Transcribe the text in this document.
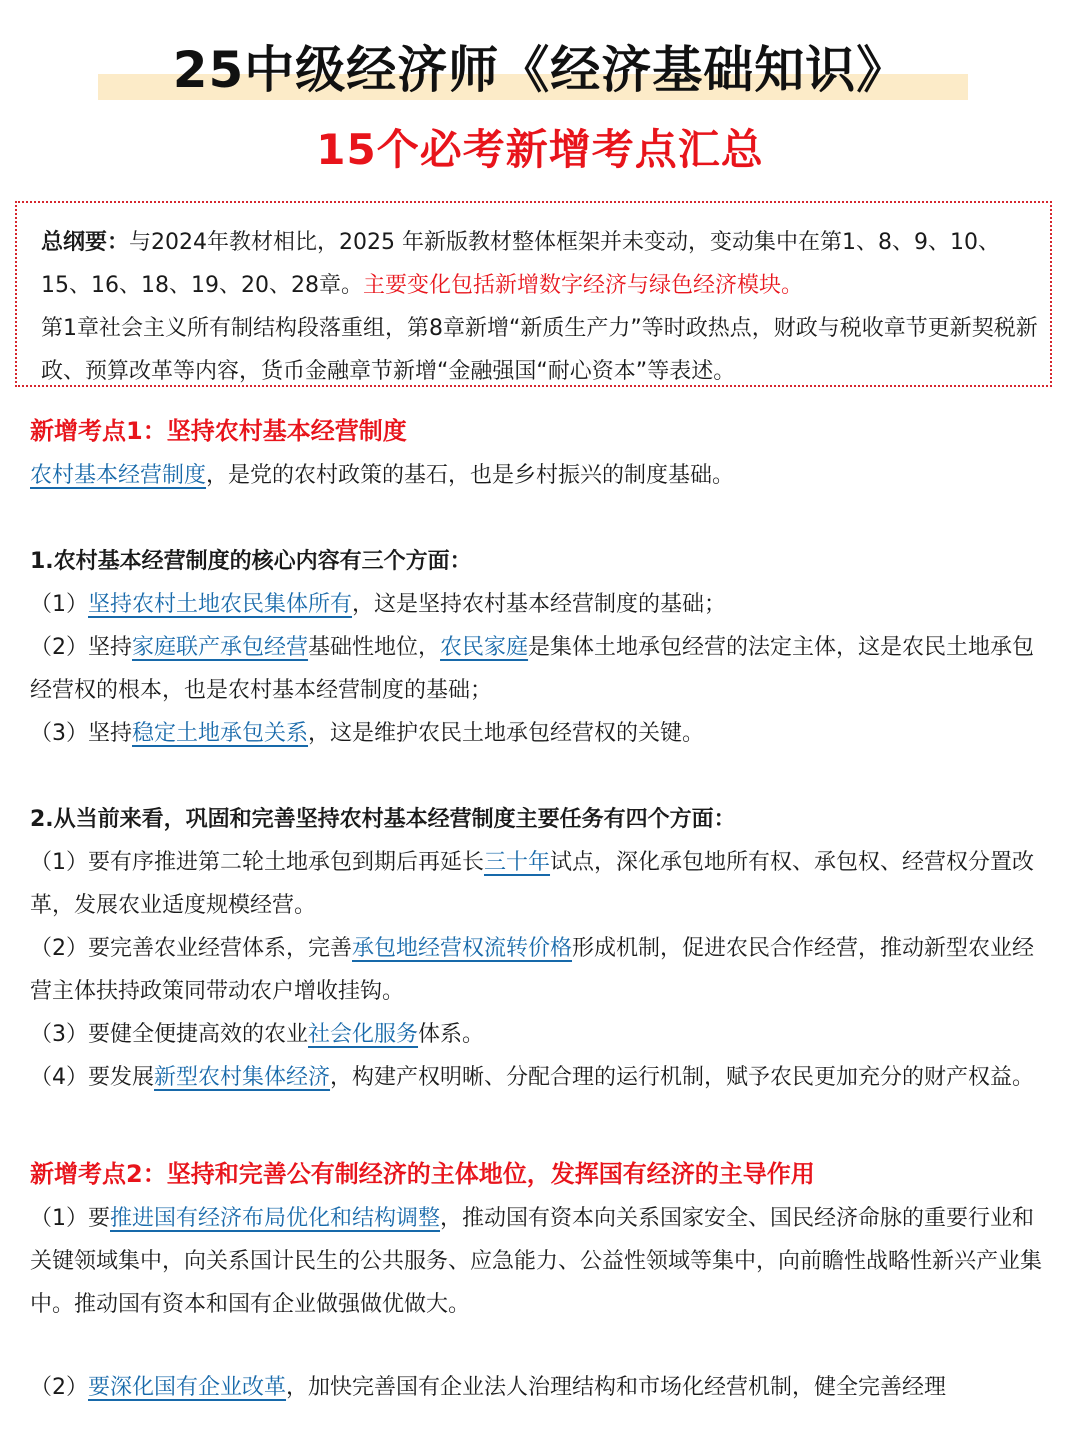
25中级经济师《经济基础知识》
15个必考新增考点汇总

总纲要：与2024年教材相比，2025 年新版教材整体框架并未变动，变动集中在第1、8、9、10、15、16、18、19、20、28章。主要变化包括新增数字经济与绿色经济模块。

第1章社会主义所有制结构段落重组，第8章新增“新质生产力”等时政热点，财政与税收章节更新契税新政、预算改革等内容，货币金融章节新增“金融强国“耐心资本”等表述。

新增考点1：坚持农村基本经营制度

农村基本经营制度，是党的农村政策的基石，也是乡村振兴的制度基础。

1.农村基本经营制度的核心内容有三个方面：

（1）坚持农村土地农民集体所有，这是坚持农村基本经营制度的基础；

（2）坚持家庭联产承包经营基础性地位，农民家庭是集体土地承包经营的法定主体，这是农民土地承包经营权的根本，也是农村基本经营制度的基础；

（3）坚持稳定土地承包关系，这是维护农民土地承包经营权的关键。

2.从当前来看，巩固和完善坚持农村基本经营制度主要任务有四个方面：

（1）要有序推进第二轮土地承包到期后再延长三十年试点，深化承包地所有权、承包权、经营权分置改革，发展农业适度规模经营。

（2）要完善农业经营体系，完善承包地经营权流转价格形成机制，促进农民合作经营，推动新型农业经营主体扶持政策同带动农户增收挂钩。

（3）要健全便捷高效的农业社会化服务体系。

（4）要发展新型农村集体经济，构建产权明晰、分配合理的运行机制，赋予农民更加充分的财产权益。

新增考点2：坚持和完善公有制经济的主体地位，发挥国有经济的主导作用

（1）要推进国有经济布局优化和结构调整，推动国有资本向关系国家安全、国民经济命脉的重要行业和关键领域集中，向关系国计民生的公共服务、应急能力、公益性领域等集中，向前瞻性战略性新兴产业集中。推动国有资本和国有企业做强做优做大。

（2）要深化国有企业改革，加快完善国有企业法人治理结构和市场化经营机制，健全完善经理
